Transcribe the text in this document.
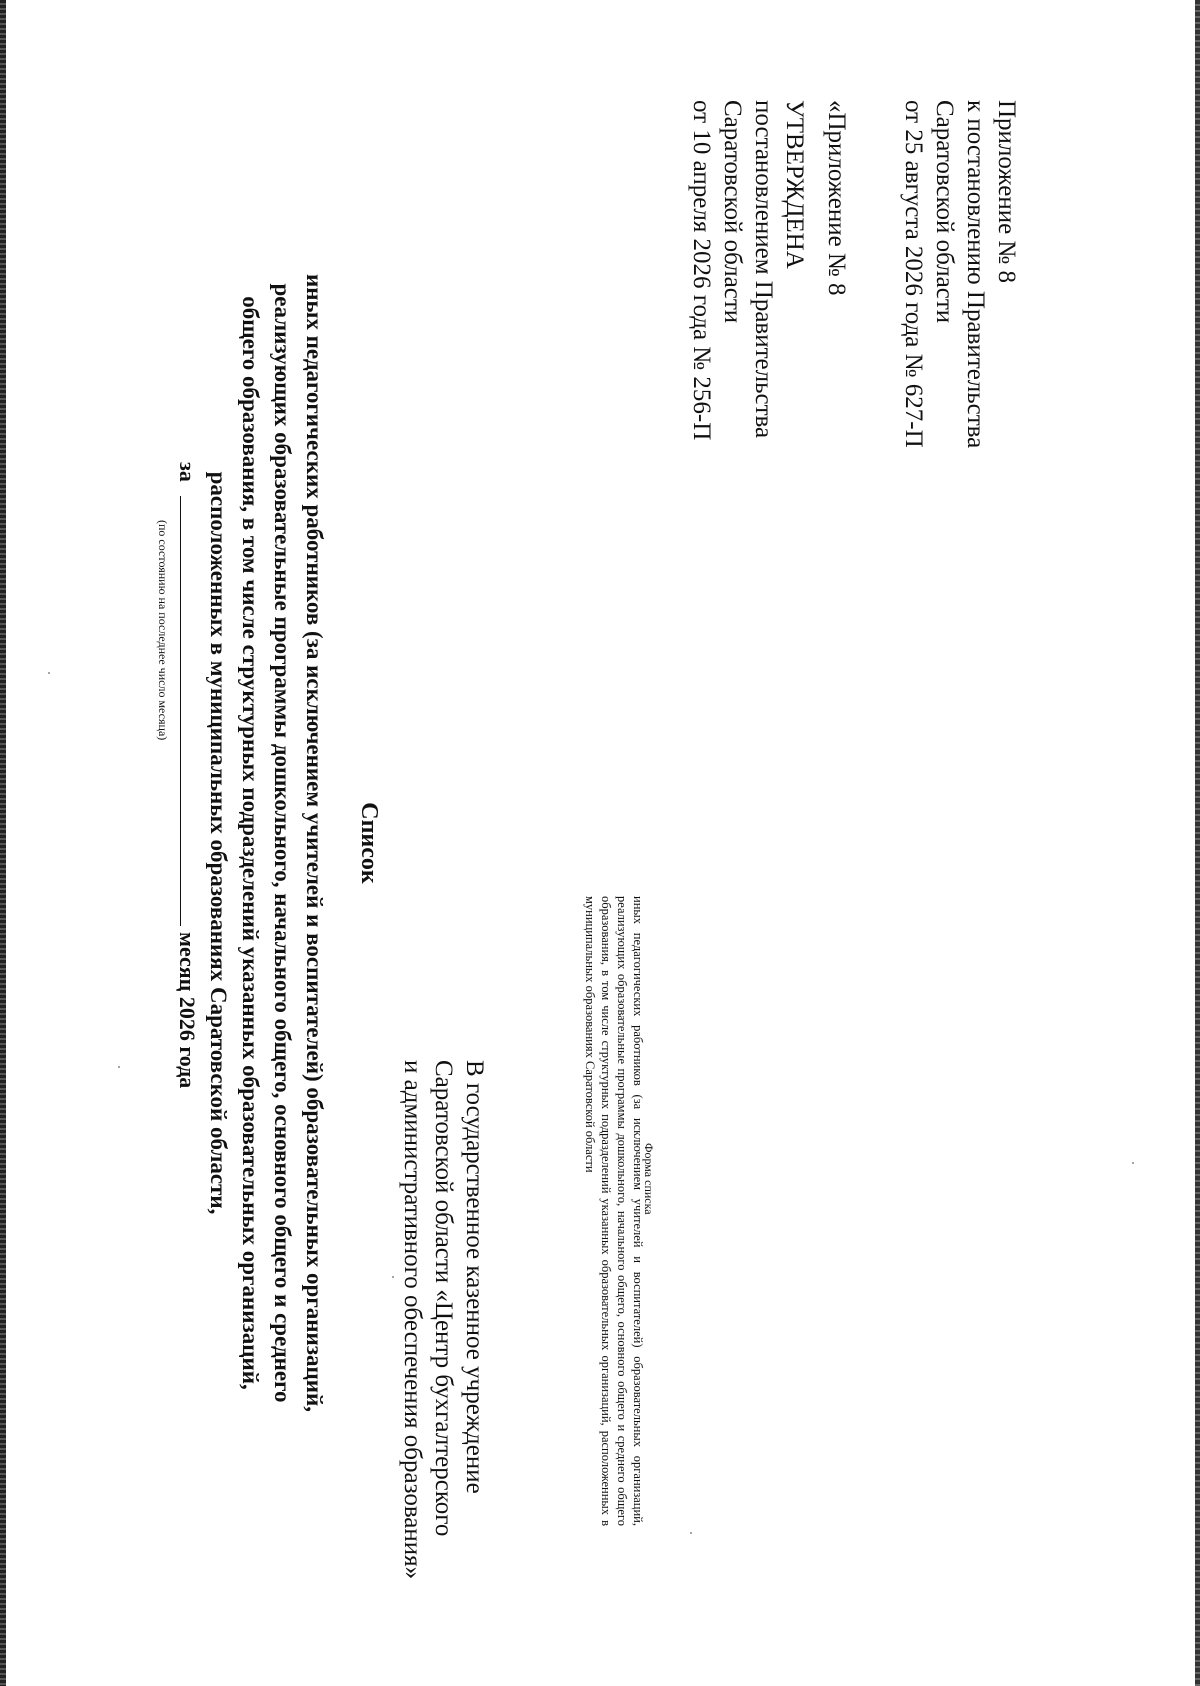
Приложение № 8
к постановлению Правительства
Саратовской области
от 25 августа 2026 года № 627-П
«Приложение № 8
УТВЕРЖДЕНА
постановлением Правительства
Саратовской области
от 10 апреля 2026 года № 256-П
Форма списка

иных педагогических работников (за исключением учителей и воспитателей) образовательных организаций, реализующих образовательные программы дошкольного, начального общего, основного общего и среднего общего образования, в том числе структурных подразделений указанных образовательных организаций, расположенных в муниципальных образованиях Саратовской области

В государственное казенное учреждение
Саратовской области «Центр бухгалтерского
и административного обеспечения образования»
Список

иных педагогических работников (за исключением учителей и воспитателей) образовательных организаций,

реализующих образовательные программы дошкольного, начального общего, основного общего и среднего

общего образования, в том числе структурных подразделений указанных образовательных организаций,

расположенных в муниципальных образованиях Саратовской области,

замесяц 2026 года
(по состоянию на последнее число месяца)
